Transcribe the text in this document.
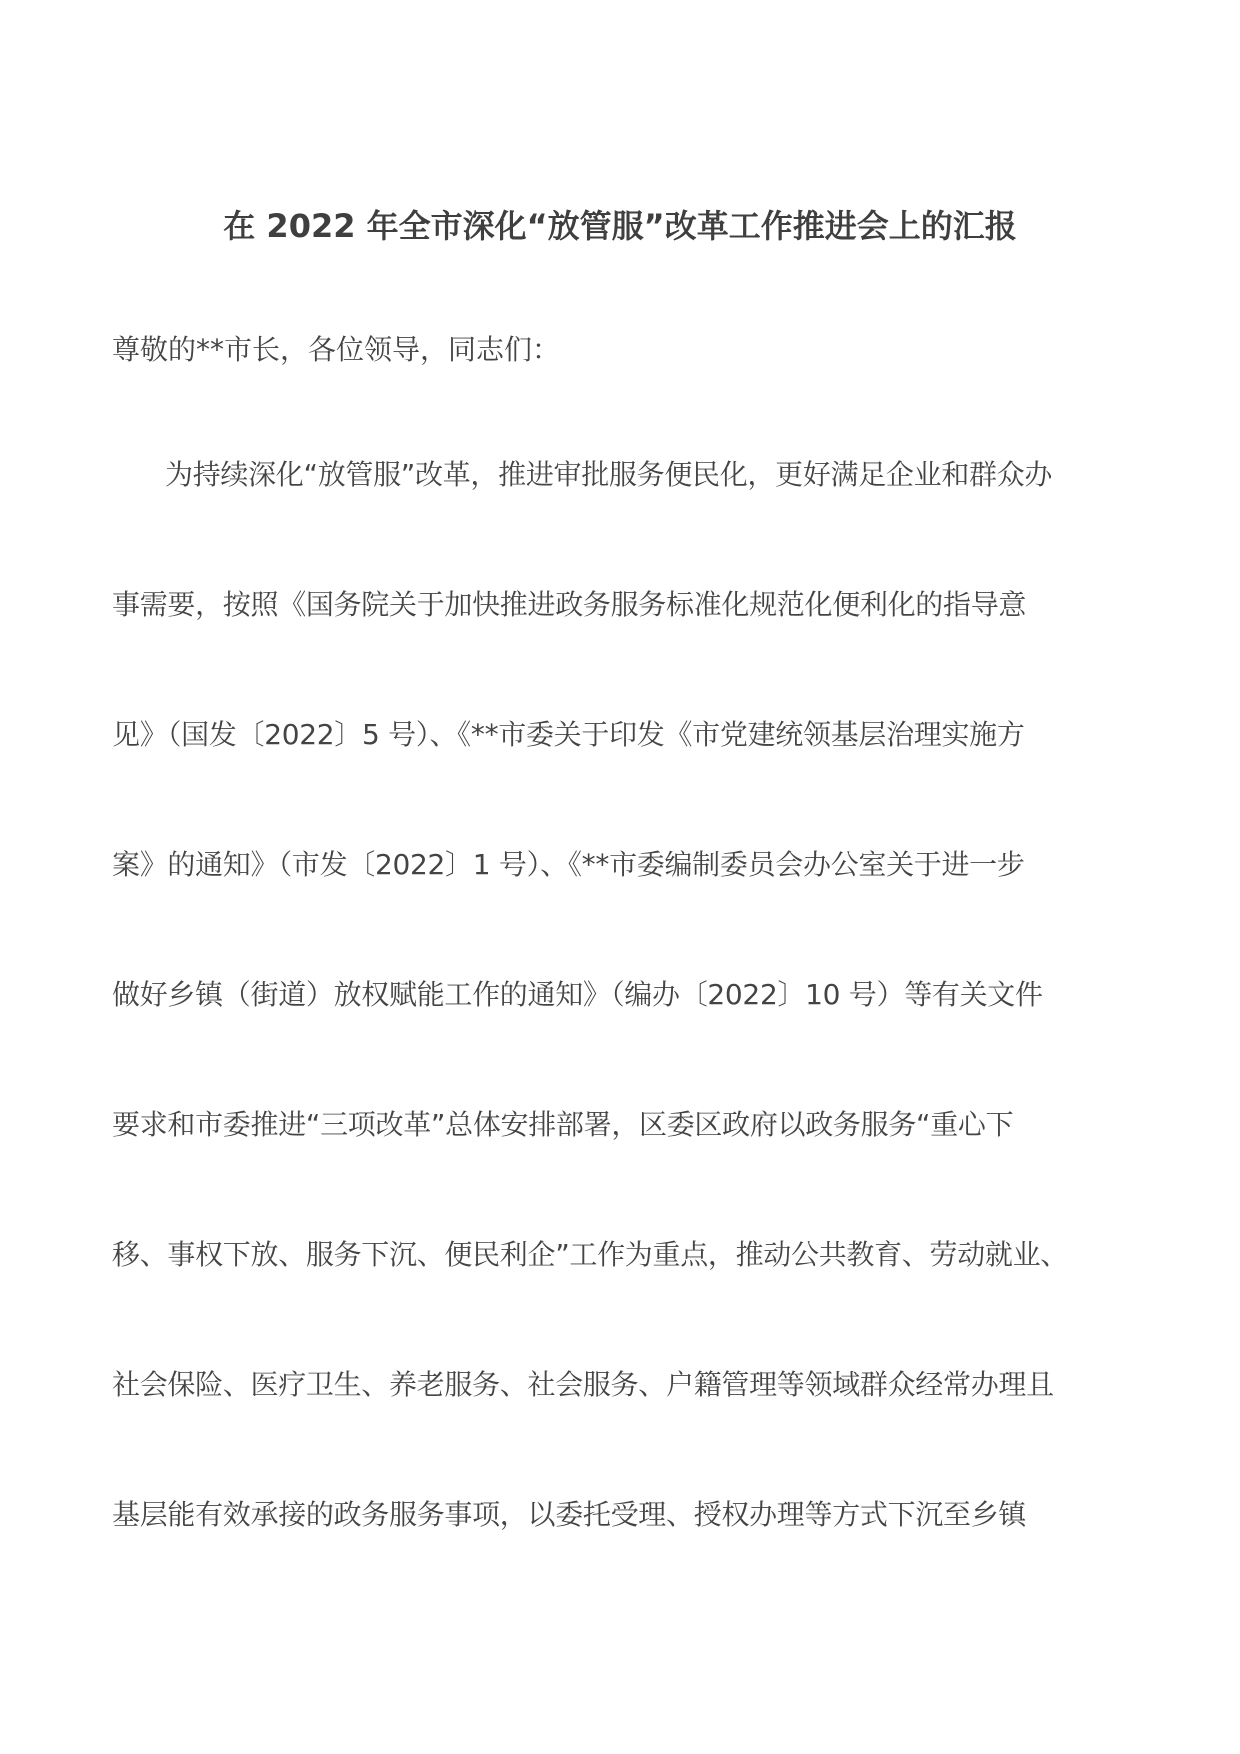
在 2022 年全市深化“放管服”改革工作推进会上的汇报
尊敬的**市长，各位领导，同志们：
为持续深化“放管服”改革，推进审批服务便民化，更好满足企业和群众办
事需要，按照《国务院关于加快推进政务服务标准化规范化便利化的指导意
见》（国发〔2022〕5 号）、《**市委关于印发《市党建统领基层治理实施方
案》的通知》（市发〔2022〕1 号）、《**市委编制委员会办公室关于进一步
做好乡镇（街道）放权赋能工作的通知》（编办〔2022〕10 号）等有关文件
要求和市委推进“三项改革”总体安排部署，区委区政府以政务服务“重心下
移、事权下放、服务下沉、便民利企”工作为重点，推动公共教育、劳动就业、
社会保险、医疗卫生、养老服务、社会服务、户籍管理等领域群众经常办理且
基层能有效承接的政务服务事项，以委托受理、授权办理等方式下沉至乡镇
